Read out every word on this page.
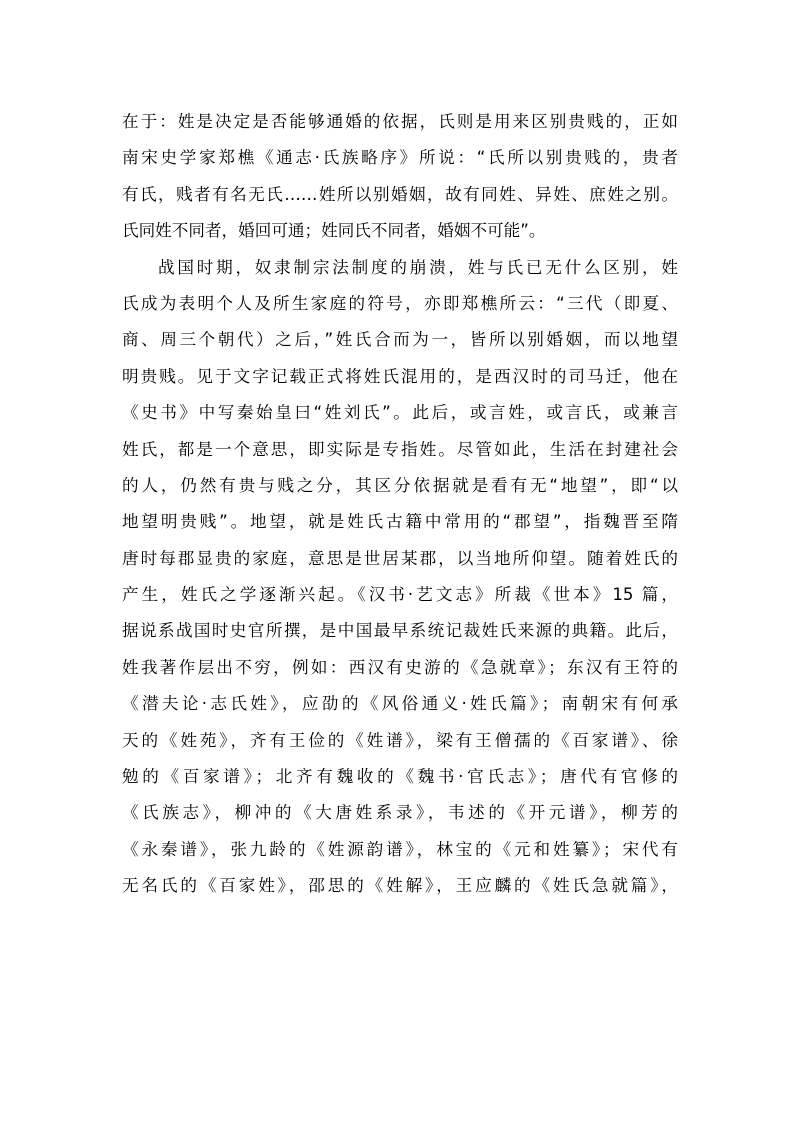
在于：姓是决定是否能够通婚的依据，氏则是用来区别贵贱的，正如
南宋史学家郑樵《通志·氏族略序》所说：“氏所以别贵贱的，贵者
有氏，贱者有名无氏……姓所以别婚姻，故有同姓、异姓、庶姓之别。
氏同姓不同者，婚回可通；姓同氏不同者，婚姻不可能”。
战国时期，奴隶制宗法制度的崩溃，姓与氏已无什么区别，姓
氏成为表明个人及所生家庭的符号，亦即郑樵所云：“三代（即夏、
商、周三个朝代）之后，”姓氏合而为一，皆所以别婚姻，而以地望
明贵贱。见于文字记载正式将姓氏混用的，是西汉时的司马迁，他在
《史书》中写秦始皇曰“姓刘氏”。此后，或言姓，或言氏，或兼言
姓氏，都是一个意思，即实际是专指姓。尽管如此，生活在封建社会
的人，仍然有贵与贱之分，其区分依据就是看有无“地望”，即“以
地望明贵贱”。地望，就是姓氏古籍中常用的“郡望”，指魏晋至隋
唐时每郡显贵的家庭，意思是世居某郡，以当地所仰望。随着姓氏的
产生，姓氏之学逐渐兴起。《汉书·艺文志》所裁《世本》15 篇，
据说系战国时史官所撰，是中国最早系统记裁姓氏来源的典籍。此后，
姓我著作层出不穷，例如：西汉有史游的《急就章》；东汉有王符的
《潜夫论·志氏姓》，应劭的《风俗通义·姓氏篇》；南朝宋有何承
天的《姓苑》，齐有王俭的《姓谱》，梁有王僧孺的《百家谱》、徐
勉的《百家谱》；北齐有魏收的《魏书·官氏志》；唐代有官修的
《氏族志》，柳冲的《大唐姓系录》，韦述的《开元谱》，柳芳的
《永秦谱》，张九龄的《姓源韵谱》，林宝的《元和姓纂》；宋代有
无名氏的《百家姓》，邵思的《姓解》，王应麟的《姓氏急就篇》，
